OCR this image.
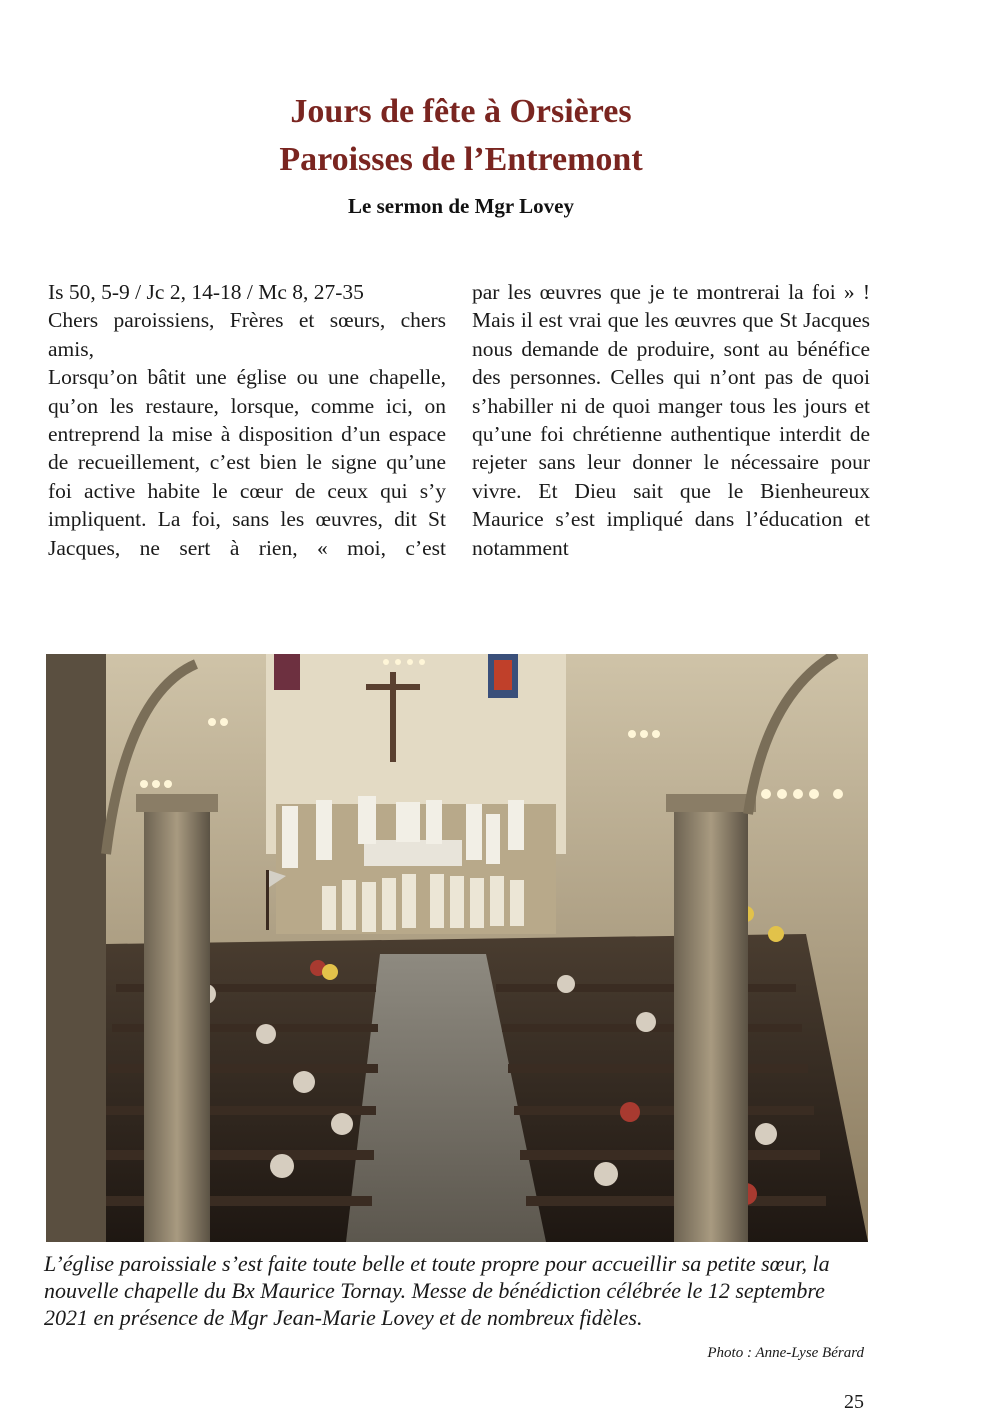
Jours de fête à Orsières
Paroisses de l’Entremont
Le sermon de Mgr Lovey

Is 50, 5-9 / Jc 2, 14-18 / Mc 8, 27-35

Chers paroissiens, Frères et sœurs, chers amis,

Lorsqu’on bâtit une église ou une chapelle, qu’on les restaure, lorsque, comme ici, on entreprend la mise à disposition d’un espace de recueillement, c’est bien le signe qu’une foi active habite le cœur de ceux qui s’y impliquent. La foi, sans les œuvres, dit St Jacques, ne sert à rien, « moi, c’est

par les œuvres que je te montrerai la foi » ! Mais il est vrai que les œuvres que St Jacques nous demande de produire, sont au bénéfice des personnes. Celles qui n’ont pas de quoi s’habiller ni de quoi manger tous les jours et qu’une foi chrétienne authentique interdit de rejeter sans leur donner le nécessaire pour vivre. Et Dieu sait que le Bienheureux Maurice s’est impliqué dans l’éducation et notamment

L’église paroissiale s’est faite toute belle et toute propre pour accueillir sa petite sœur, la nouvelle chapelle du Bx Maurice Tornay. Messe de bénédiction célébrée le 12 septembre 2021 en présence de Mgr Jean-Marie Lovey et de nombreux fidèles.

Photo : Anne-Lyse Bérard
25
